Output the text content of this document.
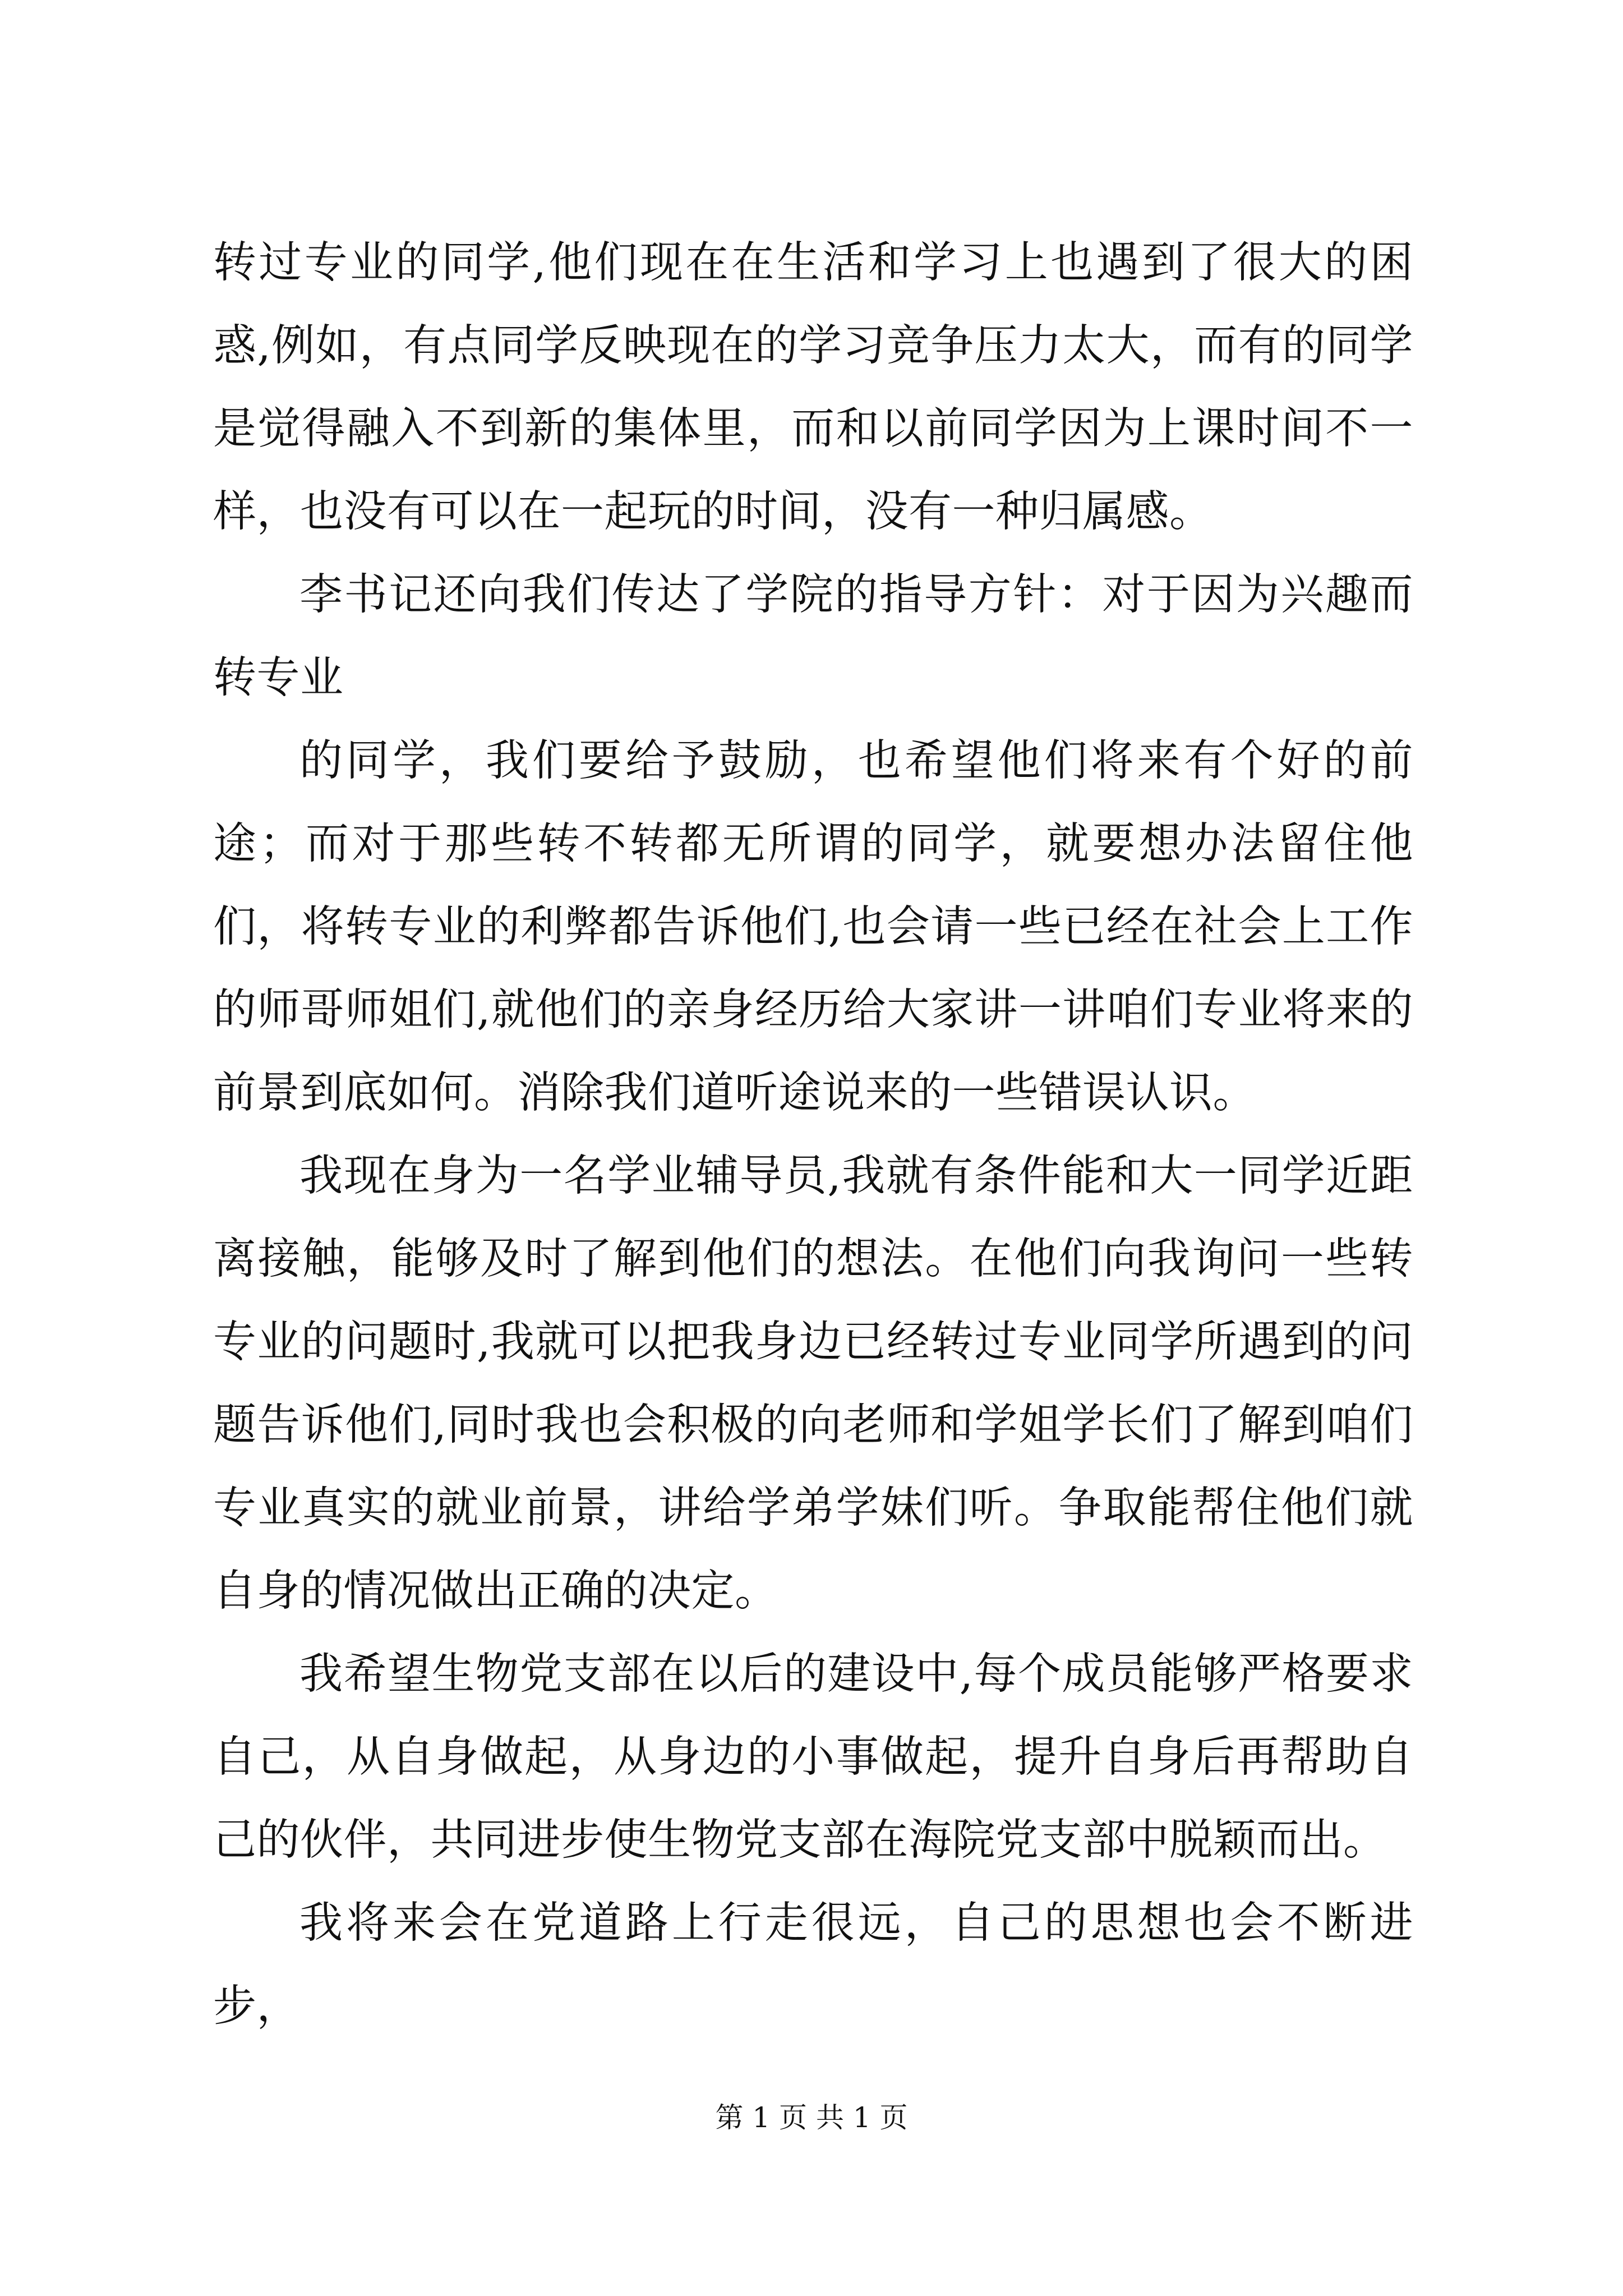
转过专业的同学,他们现在在生活和学习上也遇到了很大的困惑,例如，有点同学反映现在的学习竞争压力太大，而有的同学是觉得融入不到新的集体里，而和以前同学因为上课时间不一样，也没有可以在一起玩的时间，没有一种归属感。

李书记还向我们传达了学院的指导方针：对于因为兴趣而转专业

的同学，我们要给予鼓励，也希望他们将来有个好的前途；而对于那些转不转都无所谓的同学，就要想办法留住他们，将转专业的利弊都告诉他们,也会请一些已经在社会上工作的师哥师姐们,就他们的亲身经历给大家讲一讲咱们专业将来的前景到底如何。消除我们道听途说来的一些错误认识。

我现在身为一名学业辅导员,我就有条件能和大一同学近距离接触，能够及时了解到他们的想法。在他们向我询问一些转专业的问题时,我就可以把我身边已经转过专业同学所遇到的问题告诉他们,同时我也会积极的向老师和学姐学长们了解到咱们专业真实的就业前景，讲给学弟学妹们听。争取能帮住他们就自身的情况做出正确的决定。

我希望生物党支部在以后的建设中,每个成员能够严格要求自己，从自身做起，从身边的小事做起，提升自身后再帮助自己的伙伴，共同进步使生物党支部在海院党支部中脱颖而出。

我将来会在党道路上行走很远，自己的思想也会不断进步，

第 1 页 共 1 页
